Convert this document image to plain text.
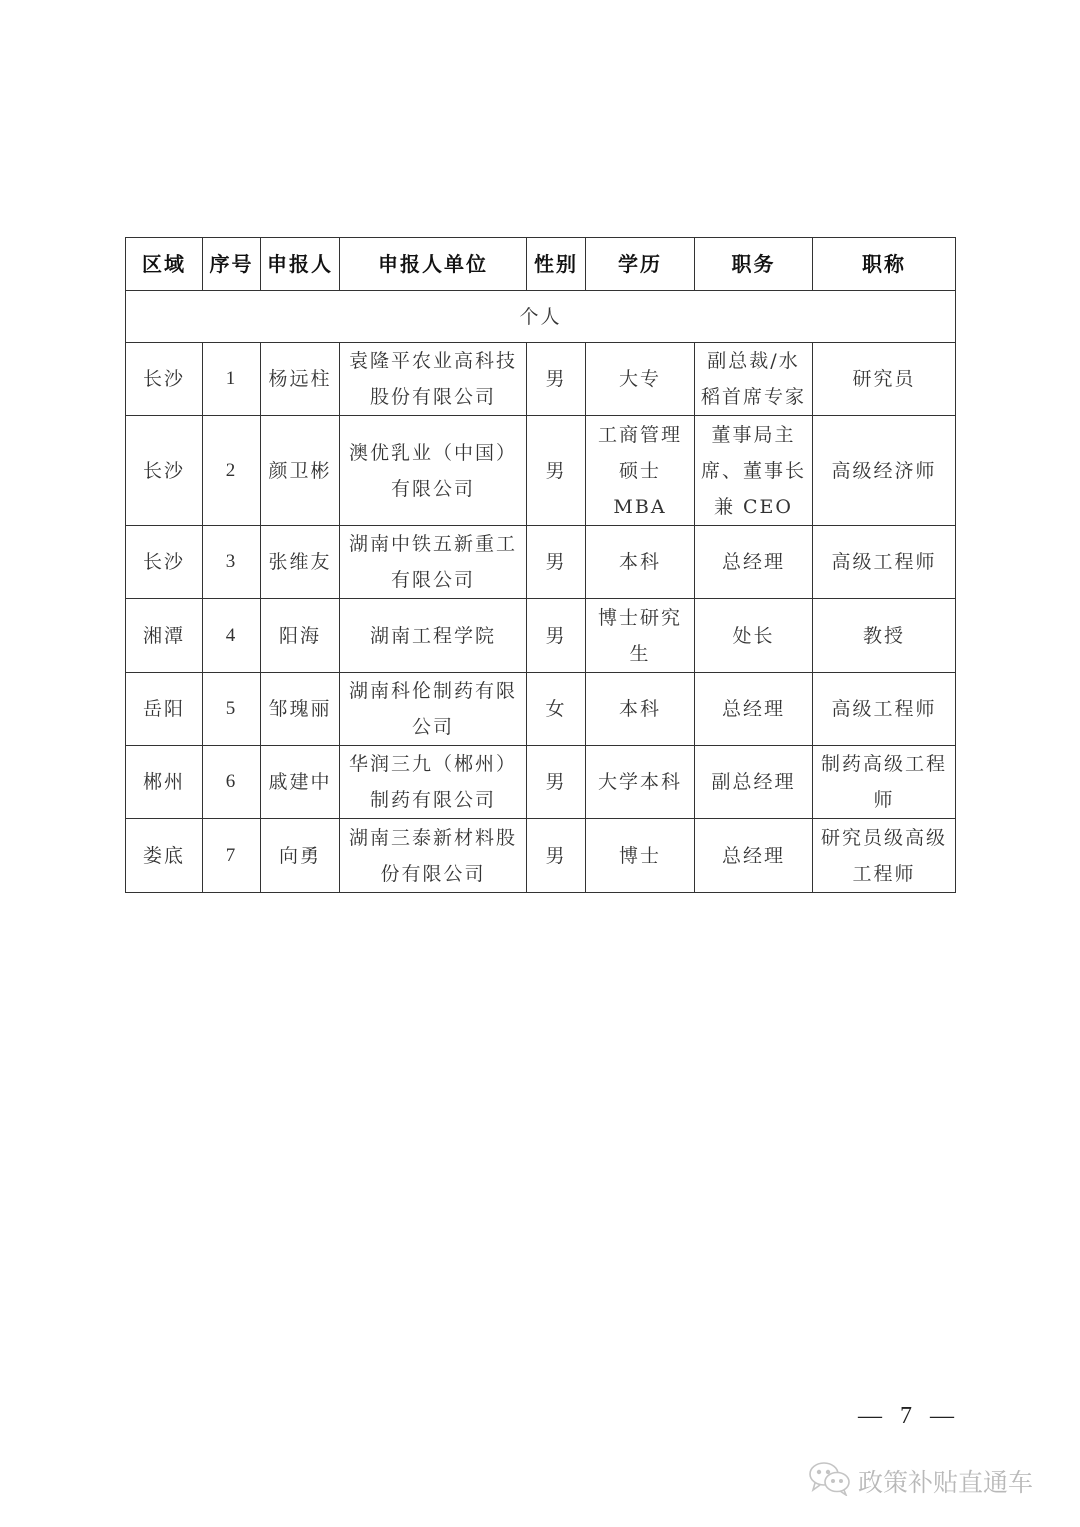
区域	序号	申报人	申报人单位	性别	学历	职务	职称
个人							
长沙	1	杨远柱	袁隆平农业高科技股份有限公司	男	大专	副总裁/水稻首席专家	研究员
长沙	2	颜卫彬	澳优乳业（中国）有限公司	男	工商管理硕士 MBA	董事局主席、董事长兼 CEO	高级经济师
长沙	3	张维友	湖南中铁五新重工有限公司	男	本科	总经理	高级工程师
湘潭	4	阳海	湖南工程学院	男	博士研究生	处长	教授
岳阳	5	邹瑰丽	湖南科伦制药有限公司	女	本科	总经理	高级工程师
郴州	6	戚建中	华润三九（郴州）制药有限公司	男	大学本科	副总经理	制药高级工程师
娄底	7	向勇	湖南三泰新材料股份有限公司	男	博士	总经理	研究员级高级工程师
— 7 —
政策补贴直通车
